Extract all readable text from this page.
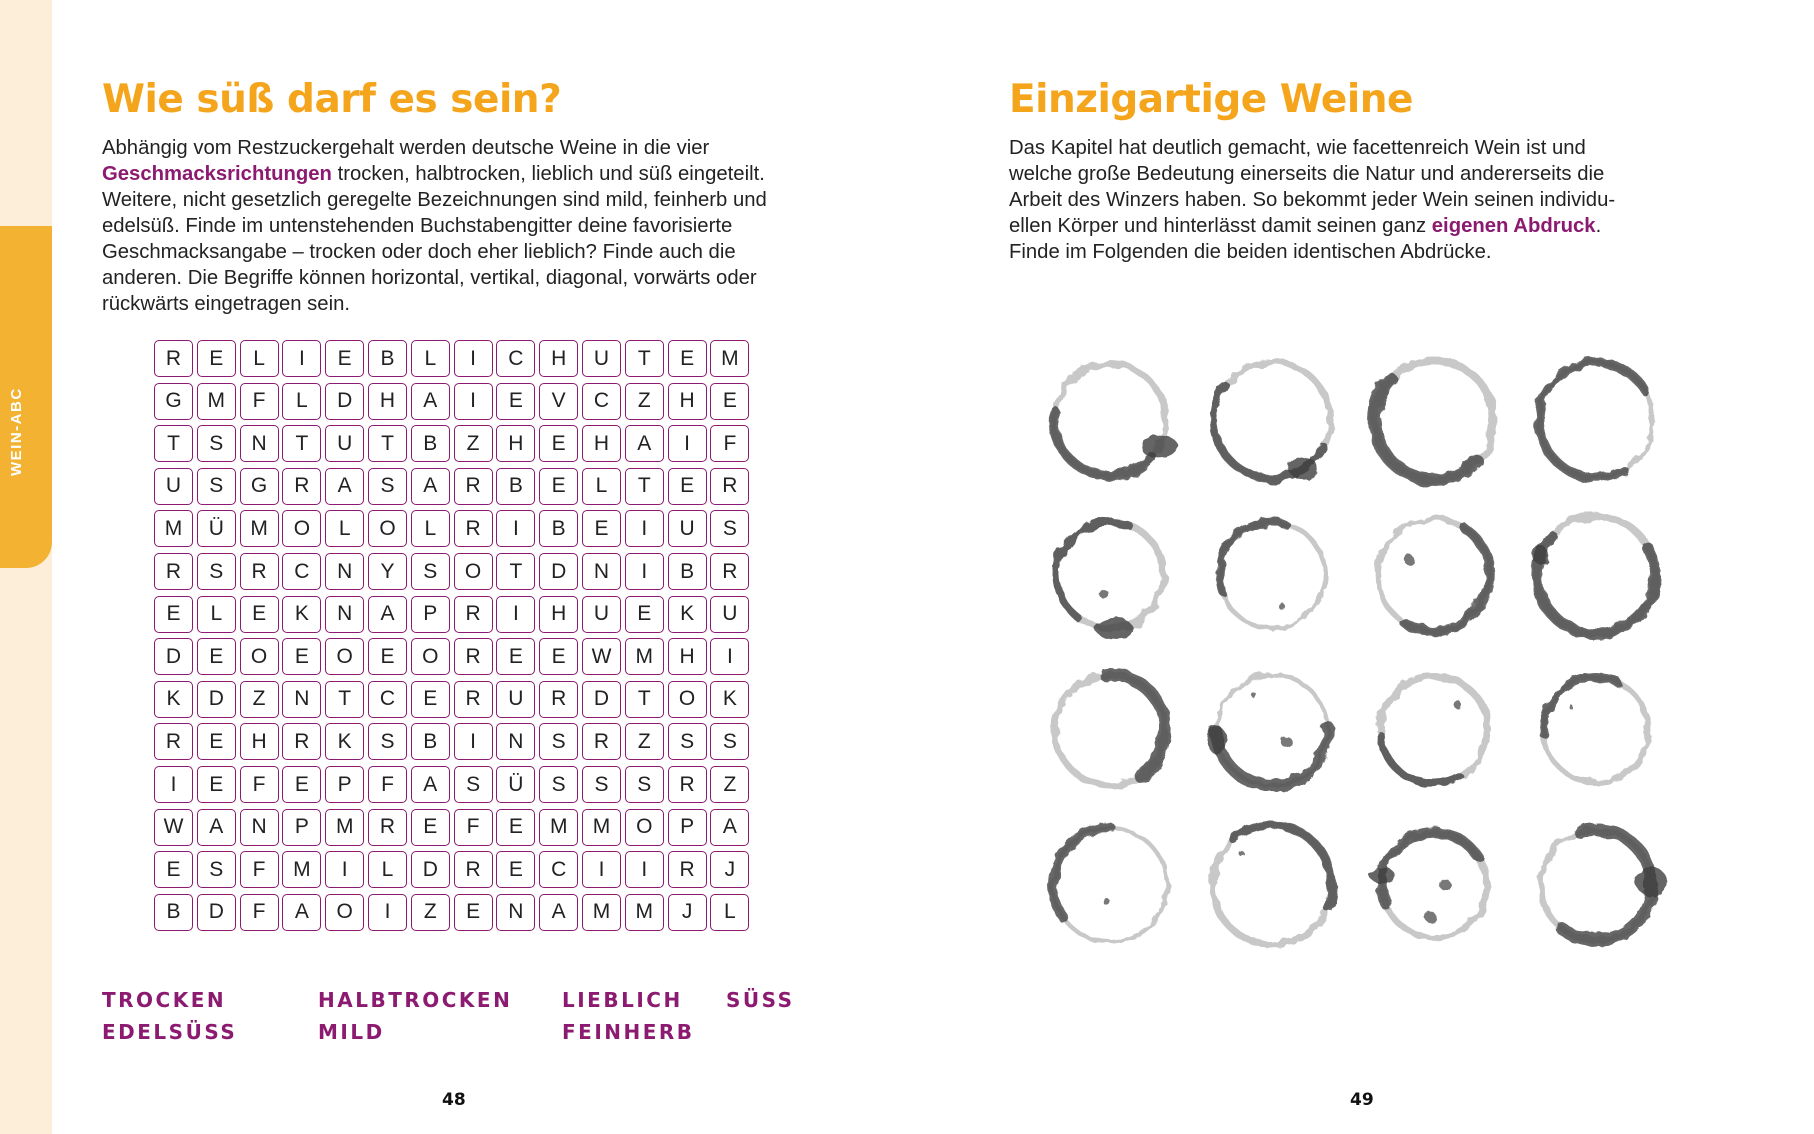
WEIN-ABC
Wie süß darf es sein?
Abhängig vom Restzuckergehalt werden deutsche Weine in die vier
Geschmacksrichtungen trocken, halbtrocken, lieblich und süß eingeteilt.
Weitere, nicht gesetzlich geregelte Bezeichnungen sind mild, feinherb und
edelsüß. Finde im untenstehenden Buchstabengitter deine favorisierte
Geschmacksangabe – trocken oder doch eher lieblich? Finde auch die
anderen. Die Begriffe können horizontal, vertikal, diagonal, vorwärts oder
rückwärts eingetragen sein.
R	E	L	I	E	B	L	I	C	H	U	T	E	M
G	M	F	L	D	H	A	I	E	V	C	Z	H	E
T	S	N	T	U	T	B	Z	H	E	H	A	I	F
U	S	G	R	A	S	A	R	B	E	L	T	E	R
M	Ü	M	O	L	O	L	R	I	B	E	I	U	S
R	S	R	C	N	Y	S	O	T	D	N	I	B	R
E	L	E	K	N	A	P	R	I	H	U	E	K	U
D	E	O	E	O	E	O	R	E	E	W	M	H	I
K	D	Z	N	T	C	E	R	U	R	D	T	O	K
R	E	H	R	K	S	B	I	N	S	R	Z	S	S
I	E	F	E	P	F	A	S	Ü	S	S	S	R	Z
W	A	N	P	M	R	E	F	E	M	M	O	P	A
E	S	F	M	I	L	D	R	E	C	I	I	R	J
B	D	F	A	O	I	Z	E	N	A	M	M	J	L
TROCKEN	HALBTROCKEN LIEBLICH SÜSS
EDELSÜSS	MILD	FEINHERB
48
Einzigartige Weine
Das Kapitel hat deutlich gemacht, wie facettenreich Wein ist und
welche große Bedeutung einerseits die Natur und andererseits die
Arbeit des Winzers haben. So bekommt jeder Wein seinen individu-
ellen Körper und hinterlässt damit seinen ganz eigenen Abdruck.
Finde im Folgenden die beiden identischen Abdrücke.
49
